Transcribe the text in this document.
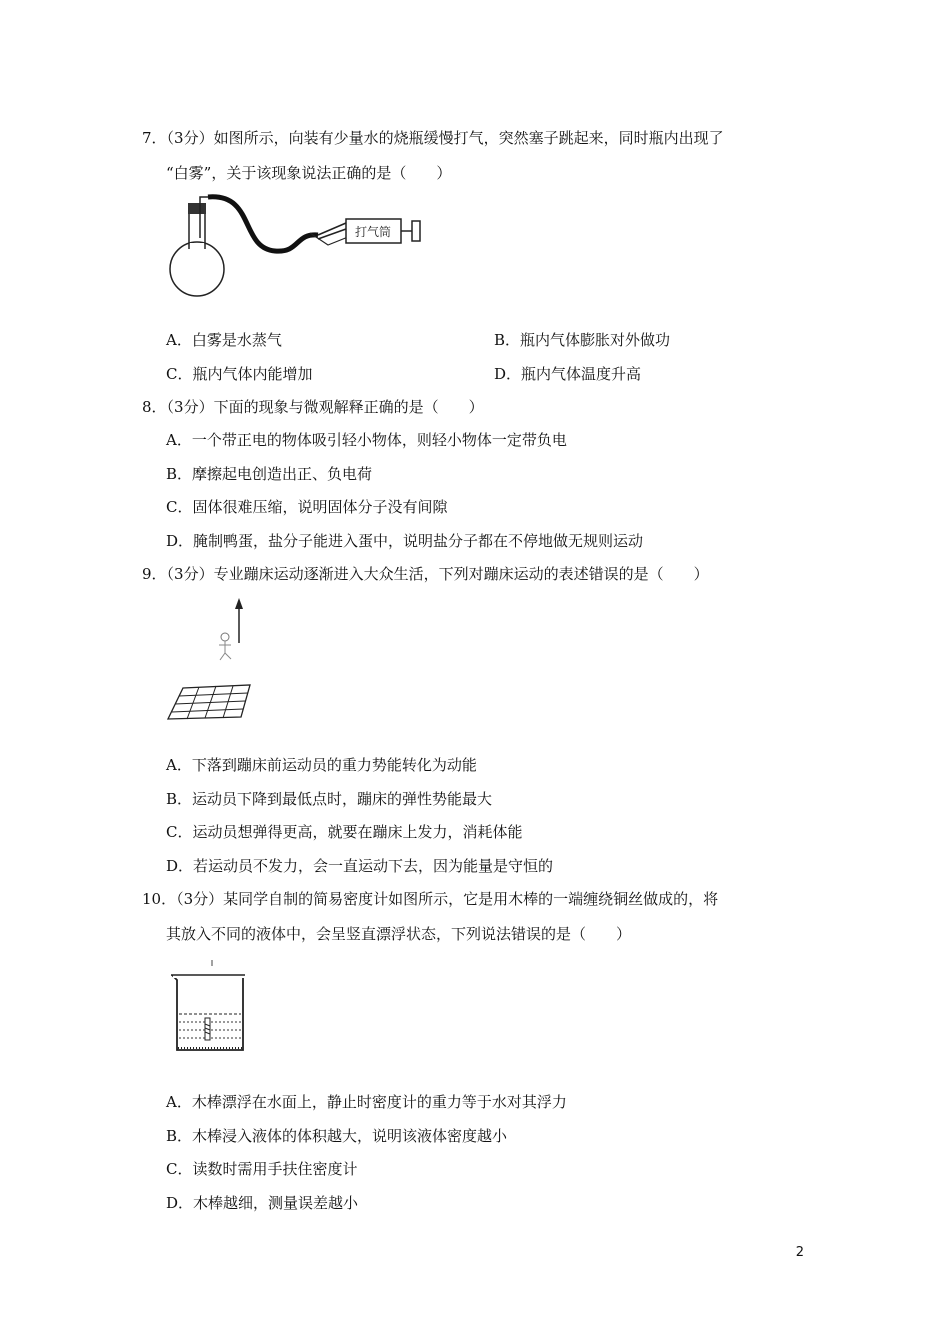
7．（3分）如图所示，向装有少量水的烧瓶缓慢打气，突然塞子跳起来，同时瓶内出现了
“白雾”，关于该现象说法正确的是（　　）
打气筒
A．白雾是水蒸气	B．瓶内气体膨胀对外做功
C．瓶内气体内能增加	D．瓶内气体温度升高
8．（3分）下面的现象与微观解释正确的是（　　）
A．一个带正电的物体吸引轻小物体，则轻小物体一定带负电
B．摩擦起电创造出正、负电荷
C．固体很难压缩，说明固体分子没有间隙
D．腌制鸭蛋，盐分子能进入蛋中，说明盐分子都在不停地做无规则运动
9．（3分）专业蹦床运动逐渐进入大众生活，下列对蹦床运动的表述错误的是（　　）
A．下落到蹦床前运动员的重力势能转化为动能
B．运动员下降到最低点时，蹦床的弹性势能最大
C．运动员想弹得更高，就要在蹦床上发力，消耗体能
D．若运动员不发力，会一直运动下去，因为能量是守恒的
10．（3分）某同学自制的简易密度计如图所示，它是用木棒的一端缠绕铜丝做成的，将
其放入不同的液体中，会呈竖直漂浮状态，下列说法错误的是（　　）
A．木棒漂浮在水面上，静止时密度计的重力等于水对其浮力
B．木棒浸入液体的体积越大，说明该液体密度越小
C．读数时需用手扶住密度计
D．木棒越细，测量误差越小
2
